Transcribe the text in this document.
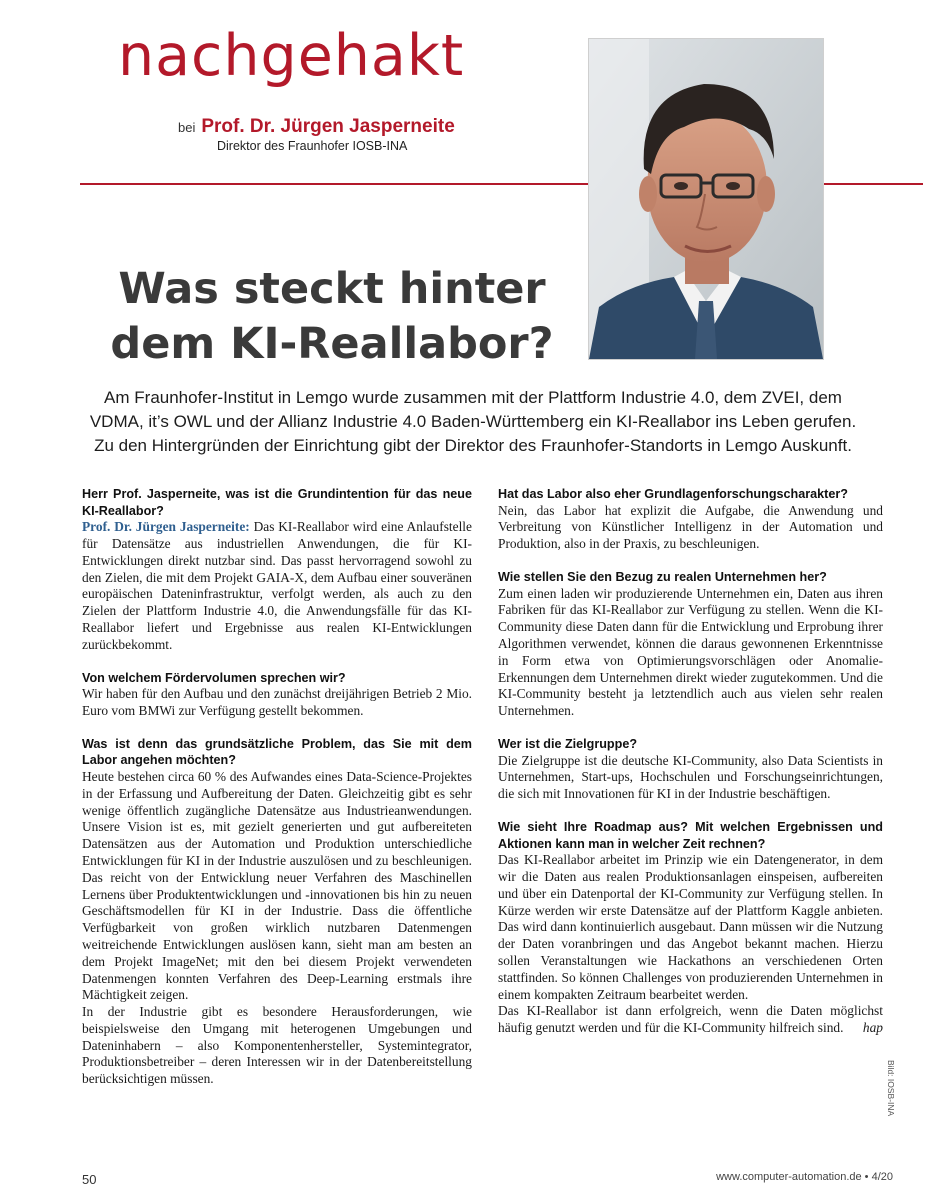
nachgehakt
bei Prof. Dr. Jürgen Jasperneite
Direktor des Fraunhofer IOSB-INA
Was steckt hinter
dem KI-Reallabor?
Am Fraunhofer-Institut in Lemgo wurde zusammen mit der Plattform Industrie 4.0, dem ZVEI, dem
VDMA, it’s OWL und der Allianz Industrie 4.0 Baden-Württemberg ein KI-Reallabor ins Leben gerufen.
Zu den Hintergründen der Einrichtung gibt der Direktor des Fraunhofer-Standorts in Lemgo Auskunft.

Herr Prof. Jasperneite, was ist die Grundintention für das neue KI-Reallabor?

Prof. Dr. Jürgen Jasperneite: Das KI-Reallabor wird eine Anlaufstelle für Datensätze aus industriellen Anwendungen, die für KI-Entwicklungen direkt nutzbar sind. Das passt hervorragend sowohl zu den Zielen, die mit dem Projekt GAIA-X, dem Aufbau einer souveränen europäischen Dateninfrastruktur, verfolgt werden, als auch zu den Zielen der Plattform Industrie 4.0, die Anwendungsfälle für das KI-Reallabor liefert und Ergebnisse aus realen KI-Entwicklungen zurückbekommt.

Von welchem Fördervolumen sprechen wir?

Wir haben für den Aufbau und den zunächst dreijährigen Betrieb 2 Mio. Euro vom BMWi zur Verfügung gestellt bekommen.

Was ist denn das grundsätzliche Problem, das Sie mit dem Labor angehen möchten?

Heute bestehen circa 60 % des Aufwandes eines Data-Science-Projektes in der Erfassung und Aufbereitung der Daten. Gleichzeitig gibt es sehr wenige öffentlich zugängliche Datensätze aus Industrieanwendungen. Unsere Vision ist es, mit gezielt generierten und gut aufbereiteten Datensätzen aus der Automation und Produktion unterschiedliche Entwicklungen für KI in der Industrie auszulösen und zu beschleunigen. Das reicht von der Entwicklung neuer Verfahren des Maschinellen Lernens über Produktentwicklungen und -innovationen bis hin zu neuen Geschäftsmodellen für KI in der Industrie. Dass die öffentliche Verfügbarkeit von großen wirklich nutzbaren Datenmengen weitreichende Entwicklungen auslösen kann, sieht man am besten an dem Projekt ImageNet; mit den bei diesem Projekt verwendeten Datenmengen konnten Verfahren des Deep-Learning erstmals ihre Mächtigkeit zeigen.

In der Industrie gibt es besondere Herausforderungen, wie beispielsweise den Umgang mit heterogenen Umgebungen und Dateninhabern – also Komponentenhersteller, Systemintegrator, Produktionsbetreiber – deren Interessen wir in der Datenbereitstellung berücksichtigen müssen.

Hat das Labor also eher Grundlagenforschungscharakter?

Nein, das Labor hat explizit die Aufgabe, die Anwendung und Verbreitung von Künstlicher Intelligenz in der Automation und Produktion, also in der Praxis, zu beschleunigen.

Wie stellen Sie den Bezug zu realen Unternehmen her?

Zum einen laden wir produzierende Unternehmen ein, Daten aus ihren Fabriken für das KI-Reallabor zur Verfügung zu stellen. Wenn die KI-Community diese Daten dann für die Entwicklung und Erprobung ihrer Algorithmen verwendet, können die daraus gewonnenen Erkenntnisse in Form etwa von Optimierungsvorschlägen oder Anomalie-Erkennungen dem Unternehmen direkt wieder zugutekommen. Und die KI-Community besteht ja letztendlich auch aus vielen sehr realen Unternehmen.

Wer ist die Zielgruppe?

Die Zielgruppe ist die deutsche KI-Community, also Data Scientists in Unternehmen, Start-ups, Hochschulen und Forschungseinrichtungen, die sich mit Innovationen für KI in der Industrie beschäftigen.

Wie sieht Ihre Roadmap aus? Mit welchen Ergebnissen und Aktionen kann man in welcher Zeit rechnen?

Das KI-Reallabor arbeitet im Prinzip wie ein Datengenerator, in dem wir die Daten aus realen Produktionsanlagen einspeisen, aufbereiten und über ein Datenportal der KI-Community zur Verfügung stellen. In Kürze werden wir erste Datensätze auf der Plattform Kaggle anbieten. Das wird dann kontinuierlich ausgebaut. Dann müssen wir die Nutzung der Daten voranbringen und das Angebot bekannt machen. Hierzu sollen Veranstaltungen wie Hackathons an verschiedenen Orten stattfinden. So können Challenges von produzierenden Unternehmen in einem kompakten Zeitraum bearbeitet werden.

Das KI-Reallabor ist dann erfolgreich, wenn die Daten möglichst häufig genutzt werden und für die KI-Community hilfreich sind. hap

Bild: IOSB-INA
50	www.computer-automation.de • 4/20
